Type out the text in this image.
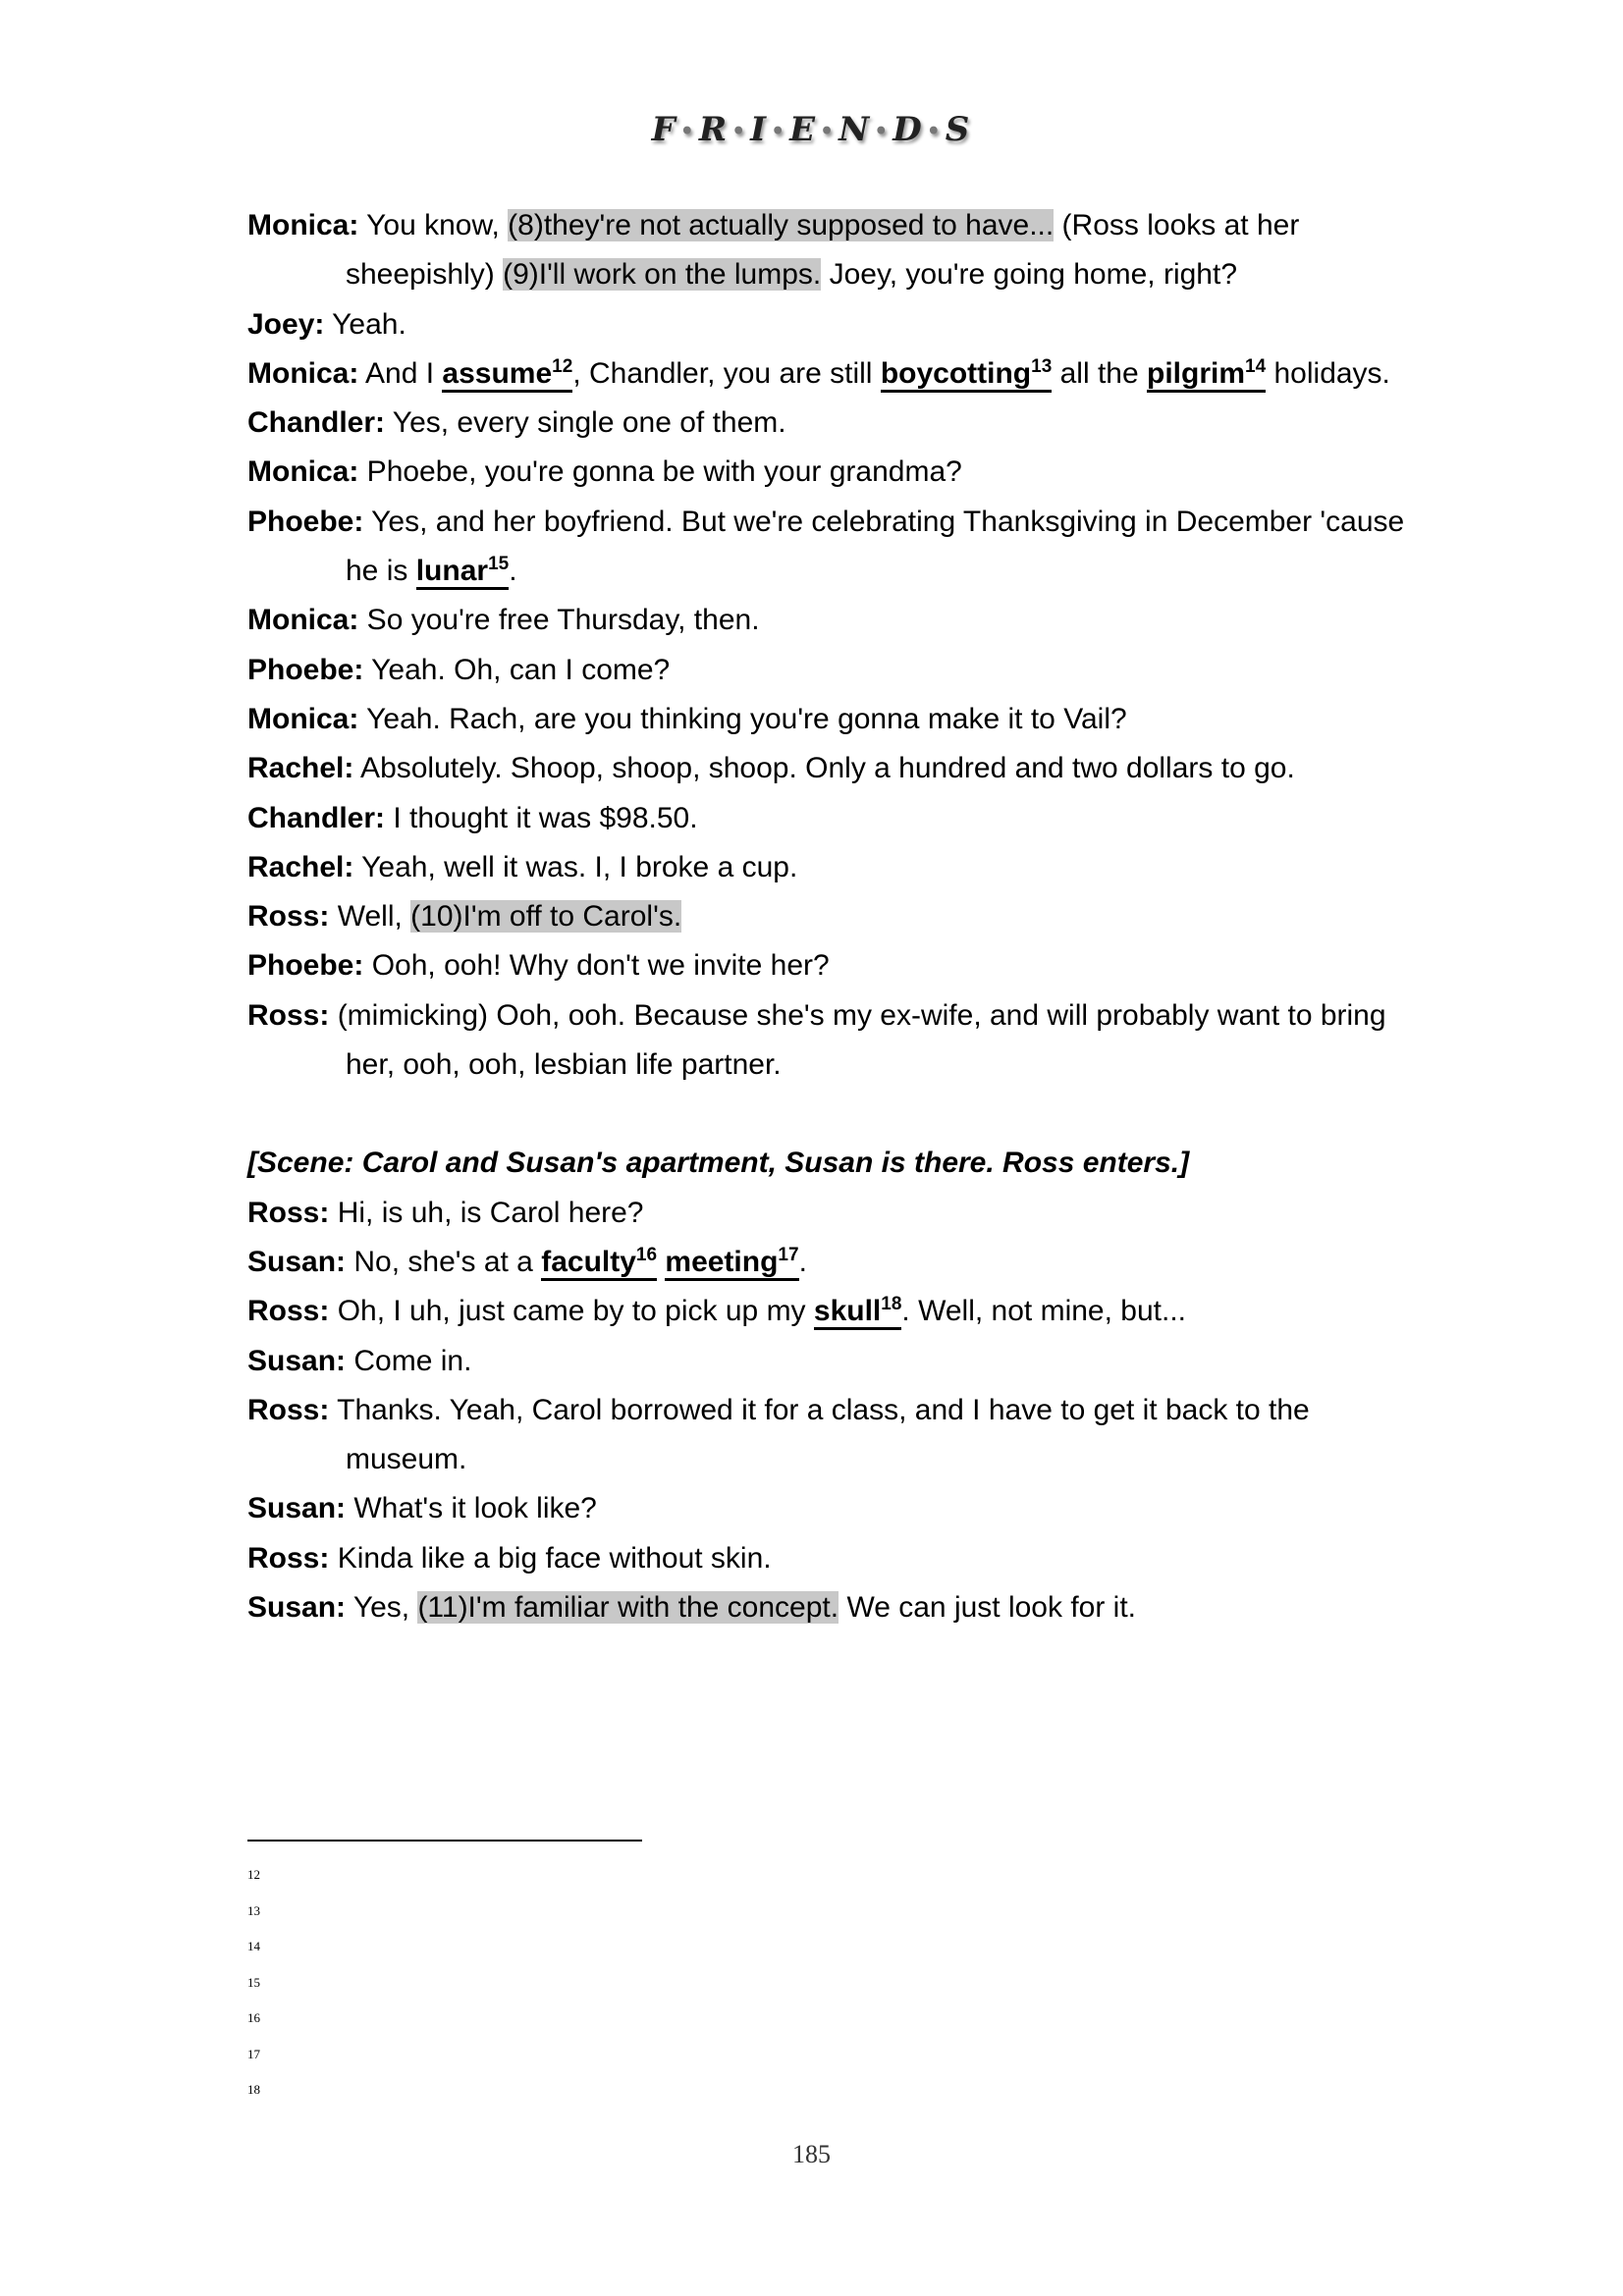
F •R •I •E •N •D •S

Monica: You know, (8)they're not actually supposed to have... (Ross looks at her sheepishly) (9)I'll work on the lumps. Joey, you're going home, right?

Joey: Yeah.

Monica: And I assume$^{12}$, Chandler, you are still boycotting$^{13}$ all the pilgrim$^{14}$ holidays.

Chandler: Yes, every single one of them.

Monica: Phoebe, you're gonna be with your grandma?

Phoebe: Yes, and her boyfriend. But we're celebrating Thanksgiving in December 'cause he is lunar$^{15}$.

Monica: So you're free Thursday, then.

Phoebe: Yeah. Oh, can I come?

Monica: Yeah. Rach, are you thinking you're gonna make it to Vail?

Rachel: Absolutely. Shoop, shoop, shoop. Only a hundred and two dollars to go.

Chandler: I thought it was $98.50.

Rachel: Yeah, well it was. I, I broke a cup.

Ross: Well, (10)I'm off to Carol's.

Phoebe: Ooh, ooh! Why don't we invite her?

Ross: (mimicking) Ooh, ooh. Because she's my ex-wife, and will probably want to bring her, ooh, ooh, lesbian life partner.

[Scene: Carol and Susan's apartment, Susan is there. Ross enters.]

Ross: Hi, is uh, is Carol here?

Susan: No, she's at a faculty$^{16}$ meeting$^{17}$.

Ross: Oh, I uh, just came by to pick up my skull$^{18}$. Well, not mine, but...

Susan: Come in.

Ross: Thanks. Yeah, Carol borrowed it for a class, and I have to get it back to the museum.

Susan: What's it look like?

Ross: Kinda like a big face without skin.

Susan: Yes, (11)I'm familiar with the concept. We can just look for it.

12
13
14
15
16
17
18
185
